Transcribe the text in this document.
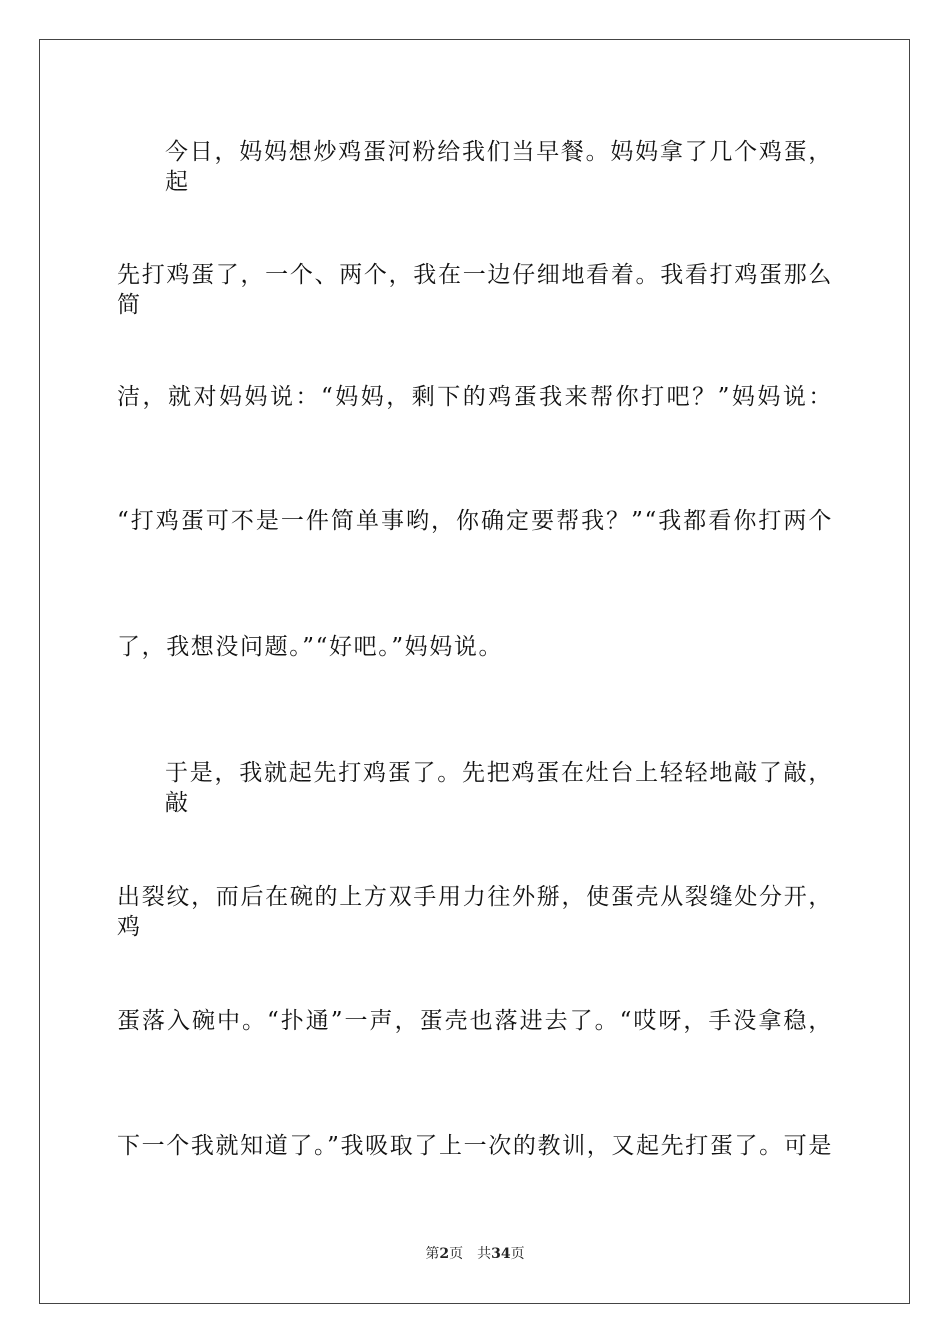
今日，妈妈想炒鸡蛋河粉给我们当早餐。妈妈拿了几个鸡蛋，起
先打鸡蛋了，一个、两个，我在一边仔细地看着。我看打鸡蛋那么简
洁，就对妈妈说：“妈妈，剩下的鸡蛋我来帮你打吧？”妈妈说：
“打鸡蛋可不是一件简单事哟，你确定要帮我？”“我都看你打两个
了，我想没问题。”“好吧。”妈妈说。
于是，我就起先打鸡蛋了。先把鸡蛋在灶台上轻轻地敲了敲，敲
出裂纹，而后在碗的上方双手用力往外掰，使蛋壳从裂缝处分开，鸡
蛋落入碗中。“扑通”一声，蛋壳也落进去了。“哎呀，手没拿稳，
下一个我就知道了。”我吸取了上一次的教训，又起先打蛋了。可是
第2页 共34页
